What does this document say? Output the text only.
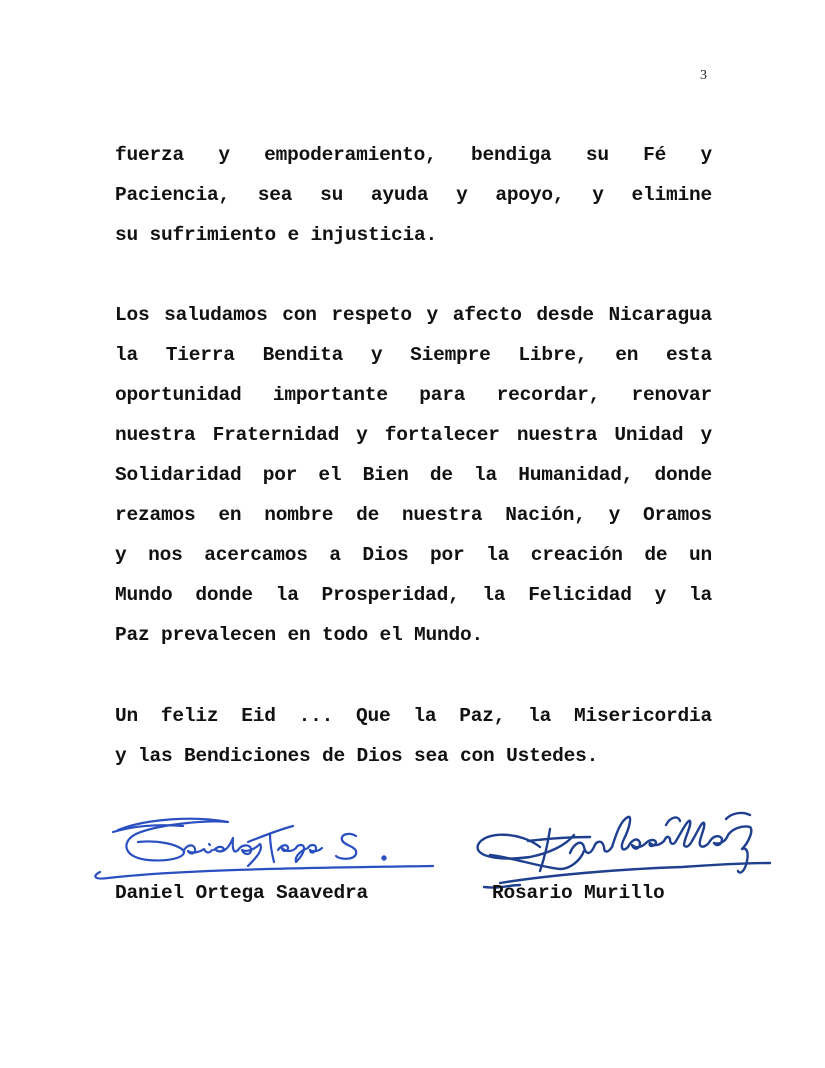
3
fuerza y empoderamiento, bendiga su Fé y
Paciencia, sea su ayuda y apoyo, y elimine
su sufrimiento e injusticia.
Los saludamos con respeto y afecto desde Nicaragua
la Tierra Bendita y Siempre Libre, en esta
oportunidad importante para recordar, renovar
nuestra Fraternidad y fortalecer nuestra Unidad y
Solidaridad por el Bien de la Humanidad, donde
rezamos en nombre de nuestra Nación, y Oramos
y nos acercamos a Dios por la creación de un
Mundo donde la Prosperidad, la Felicidad y la
Paz prevalecen en todo el Mundo.
Un feliz Eid ... Que la Paz, la Misericordia
y las Bendiciones de Dios sea con Ustedes.
Daniel Ortega Saavedra	Rosario Murillo
